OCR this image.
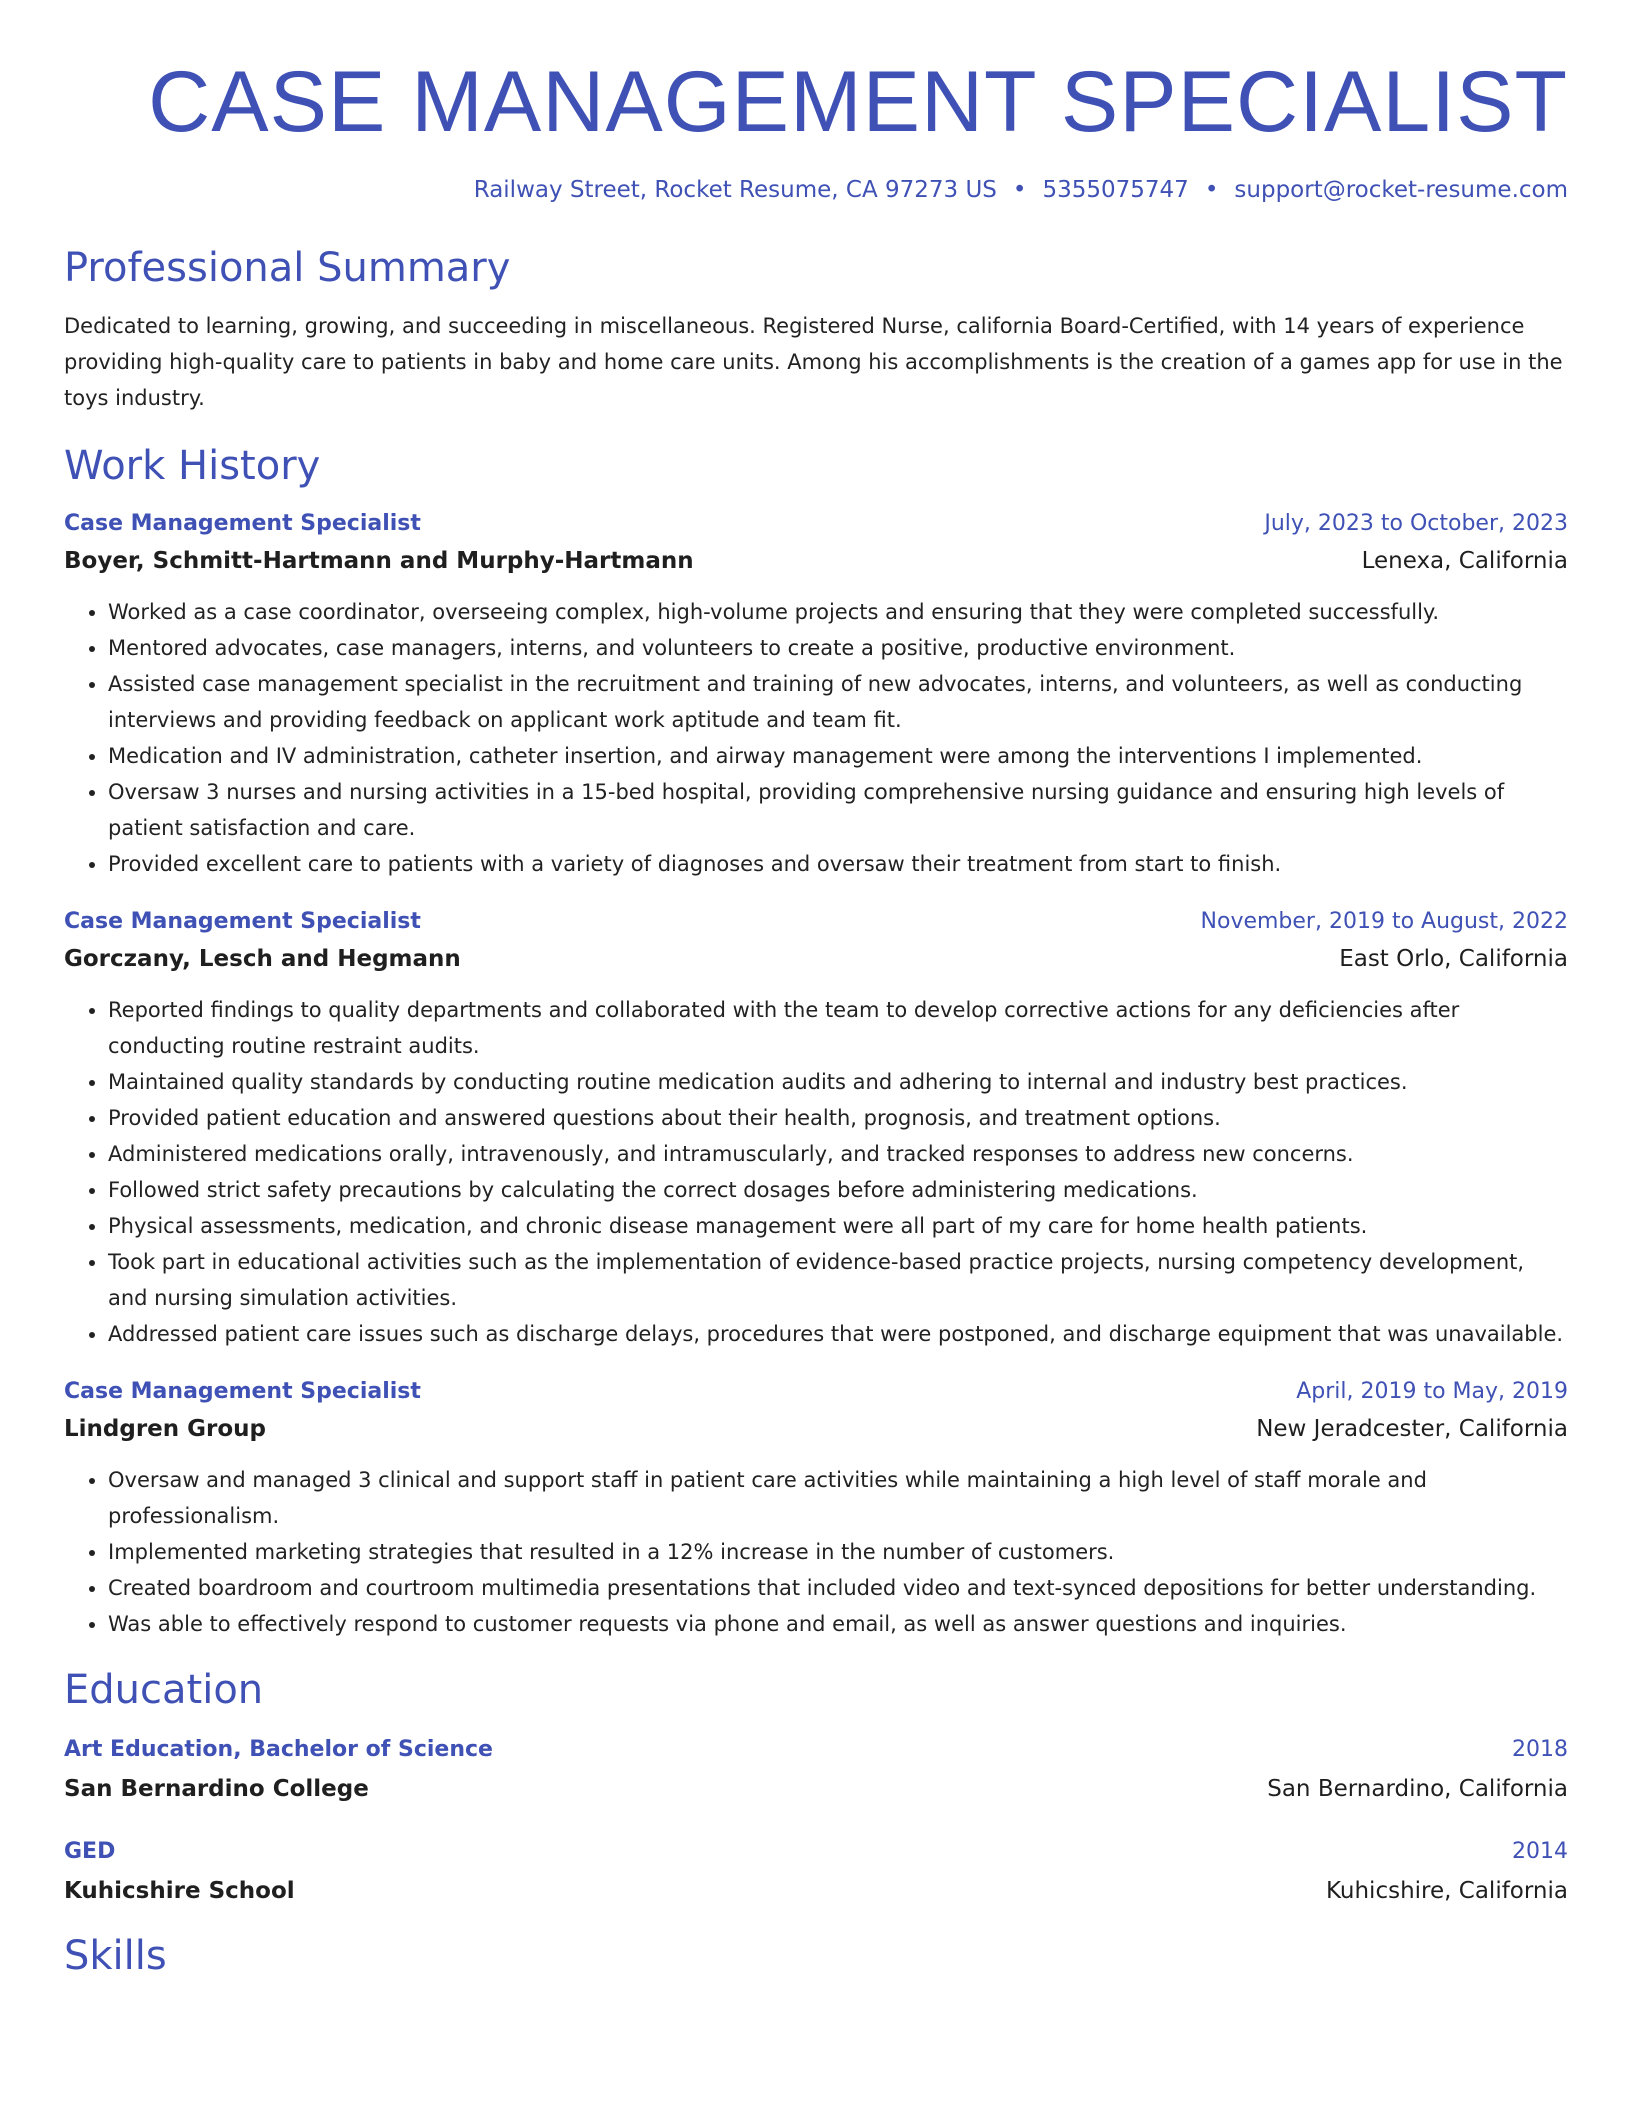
CASE MANAGEMENT SPECIALIST
Railway Street, Rocket Resume, CA 97273 US • 5355075747 • support@rocket-resume.com
Professional Summary
Dedicated to learning, growing, and succeeding in miscellaneous. Registered Nurse, california Board-Certified, with 14 years of experience providing high-quality care to patients in baby and home care units. Among his accomplishments is the creation of a games app for use in the toys industry.
Work History
Case Management Specialist	July, 2023 to October, 2023
Boyer, Schmitt-Hartmann and Murphy-Hartmann	Lenexa, California
• Worked as a case coordinator, overseeing complex, high-volume projects and ensuring that they were completed successfully.
• Mentored advocates, case managers, interns, and volunteers to create a positive, productive environment.
• Assisted case management specialist in the recruitment and training of new advocates, interns, and volunteers, as well as conducting interviews and providing feedback on applicant work aptitude and team fit.
• Medication and IV administration, catheter insertion, and airway management were among the interventions I implemented.
• Oversaw 3 nurses and nursing activities in a 15-bed hospital, providing comprehensive nursing guidance and ensuring high levels of patient satisfaction and care.
• Provided excellent care to patients with a variety of diagnoses and oversaw their treatment from start to finish.
Case Management Specialist	November, 2019 to August, 2022
Gorczany, Lesch and Hegmann	East Orlo, California
• Reported findings to quality departments and collaborated with the team to develop corrective actions for any deficiencies after conducting routine restraint audits.
• Maintained quality standards by conducting routine medication audits and adhering to internal and industry best practices.
• Provided patient education and answered questions about their health, prognosis, and treatment options.
• Administered medications orally, intravenously, and intramuscularly, and tracked responses to address new concerns.
• Followed strict safety precautions by calculating the correct dosages before administering medications.
• Physical assessments, medication, and chronic disease management were all part of my care for home health patients.
• Took part in educational activities such as the implementation of evidence-based practice projects, nursing competency development, and nursing simulation activities.
• Addressed patient care issues such as discharge delays, procedures that were postponed, and discharge equipment that was unavailable.
Case Management Specialist	April, 2019 to May, 2019
Lindgren Group	New Jeradcester, California
• Oversaw and managed 3 clinical and support staff in patient care activities while maintaining a high level of staff morale and professionalism.
• Implemented marketing strategies that resulted in a 12% increase in the number of customers.
• Created boardroom and courtroom multimedia presentations that included video and text-synced depositions for better understanding.
• Was able to effectively respond to customer requests via phone and email, as well as answer questions and inquiries.
Education
Art Education, Bachelor of Science	2018
San Bernardino College	San Bernardino, California
GED	2014
Kuhicshire School	Kuhicshire, California
Skills
